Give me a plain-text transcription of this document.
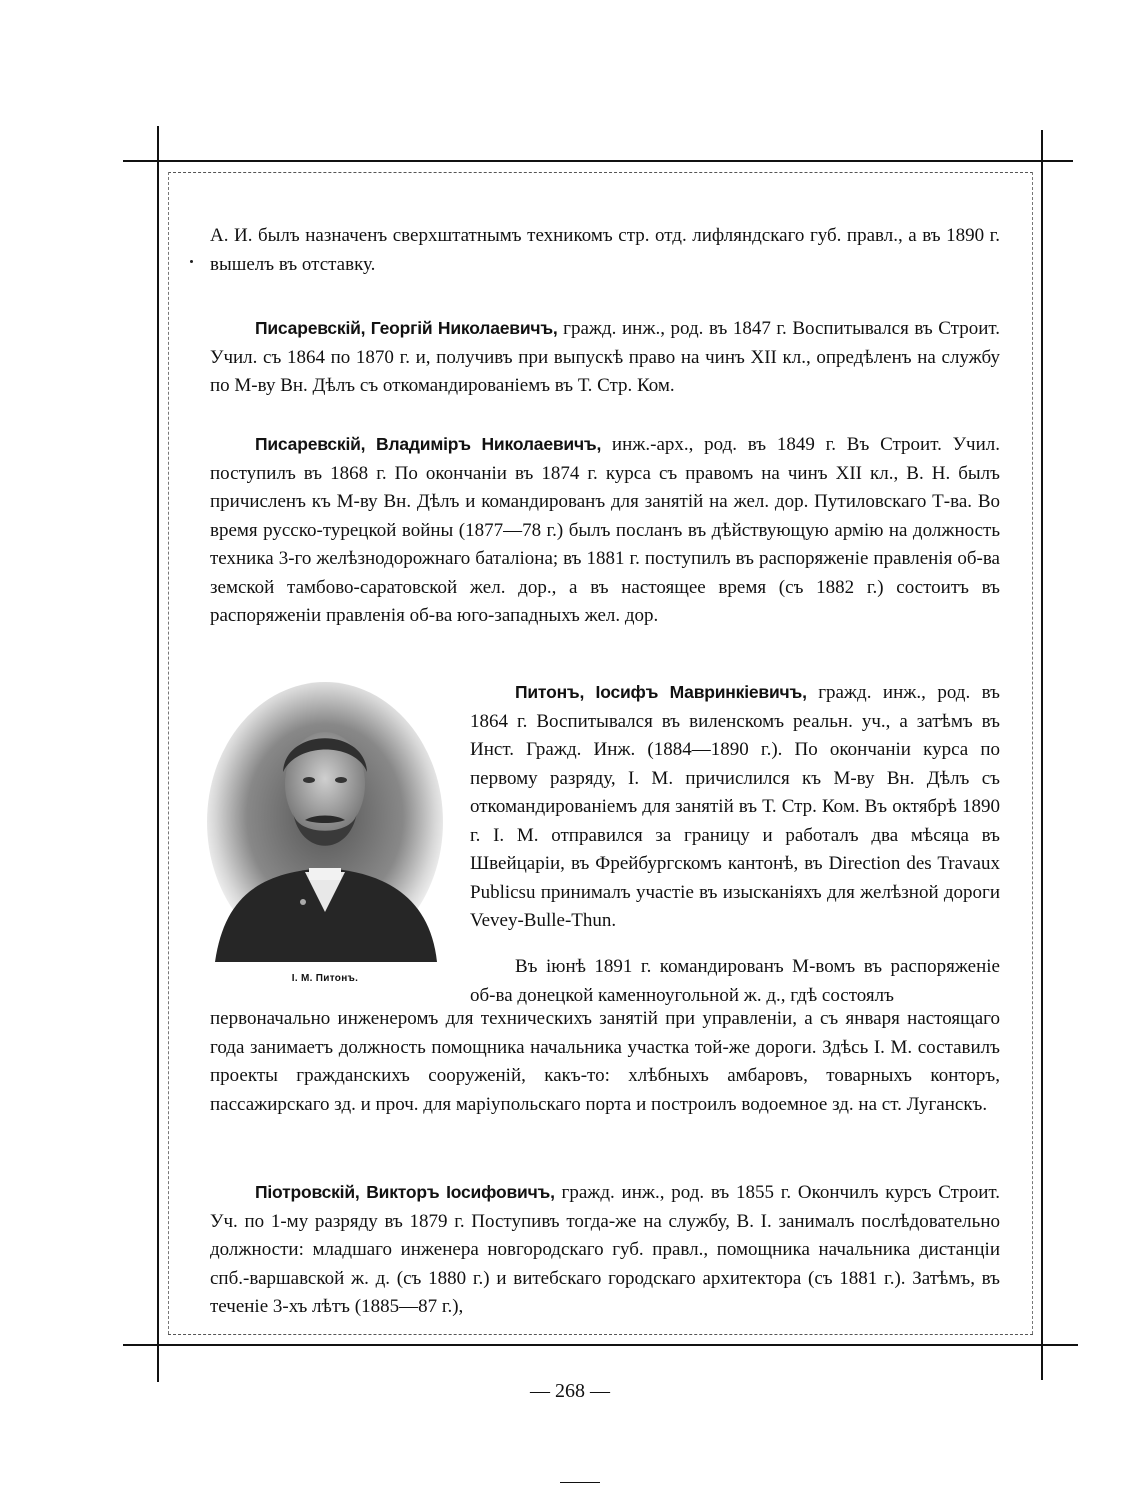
А. И. былъ назначенъ сверхштатнымъ техникомъ стр. отд. лифляндскаго губ. правл., а въ 1890 г. вышелъ въ отставку.

Писаревскій, Георгій Николаевичъ, гражд. инж., род. въ 1847 г. Воспитывался въ Строит. Учил. съ 1864 по 1870 г. и, получивъ при выпускѣ право на чинъ XII кл., опредѣленъ на службу по М-ву Вн. Дѣлъ съ откомандированіемъ въ Т. Стр. Ком.

Писаревскій, Владиміръ Николаевичъ, инж.-арх., род. въ 1849 г. Въ Строит. Учил. поступилъ въ 1868 г. По окончаніи въ 1874 г. курса съ правомъ на чинъ XII кл., В. Н. былъ причисленъ къ М-ву Вн. Дѣлъ и командированъ для занятій на жел. дор. Путиловскаго Т-ва. Во время русско-турецкой войны (1877—78 г.) былъ посланъ въ дѣйствующую армію на должность техника 3-го желѣзнодорожнаго баталіона; въ 1881 г. поступилъ въ распоряженіе правленія об-ва земской тамбово-саратовской жел. дор., а въ настоящее время (съ 1882 г.) состоитъ въ распоряженіи правленія об-ва юго-западныхъ жел. дор.

І. М. Питонъ.

Питонъ, Іосифъ Мавринкіевичъ, гражд. инж., род. въ 1864 г. Воспитывался въ виленскомъ реальн. уч., а затѣмъ въ Инст. Гражд. Инж. (1884—1890 г.). По окончаніи курса по первому разряду, І. М. причислился къ М-ву Вн. Дѣлъ съ откомандированіемъ для занятій въ Т. Стр. Ком. Въ октябрѣ 1890 г. І. М. отправился за границу и работалъ два мѣсяца въ Швейцаріи, въ Фрейбургскомъ кантонѣ, въ Direction des Travaux Publicsu принималъ участіе въ изысканіяхъ для желѣзной дороги Vevey-Bulle-Thun.

Въ іюнѣ 1891 г. командированъ М-вомъ въ распоряженіе об-ва донецкой каменноугольной ж. д., гдѣ состоялъ

первоначально инженеромъ для техническихъ занятій при управленіи, а съ января настоящаго года занимаетъ должность помощника начальника участка той-же дороги. Здѣсь І. М. составилъ проекты гражданскихъ сооруженій, какъ-то: хлѣбныхъ амбаровъ, товарныхъ конторъ, пассажирскаго зд. и проч. для маріупольскаго порта и построилъ водоемное зд. на ст. Луганскъ.

Піотровскій, Викторъ Іосифовичъ, гражд. инж., род. въ 1855 г. Окончилъ курсъ Строит. Уч. по 1-му разряду въ 1879 г. Поступивъ тогда-же на службу, В. І. занималъ послѣдовательно должности: младшаго инженера новгородскаго губ. правл., помощника начальника дистанціи спб.-варшавской ж. д. (съ 1880 г.) и витебскаго городскаго архитектора (съ 1881 г.). Затѣмъ, въ теченіе 3-хъ лѣтъ (1885—87 г.),

— 268 —
